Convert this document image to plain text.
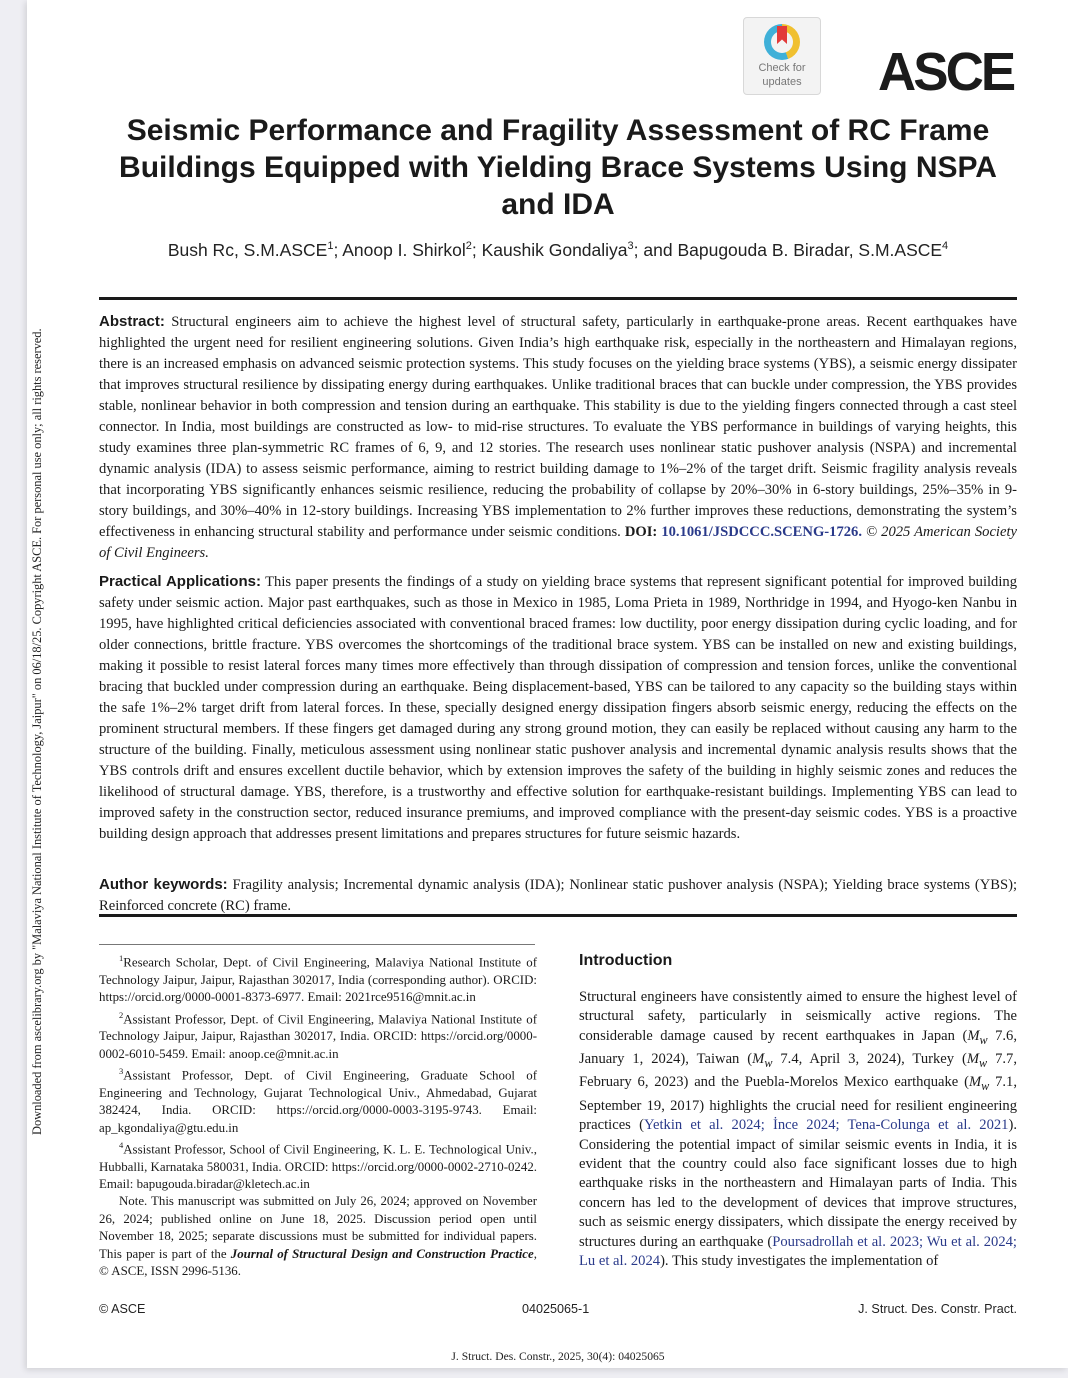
Downloaded from ascelibrary.org by "Malaviya National Institute of Technology, Jaipur" on 06/18/25. Copyright ASCE. For personal use only; all rights reserved.
Check for
updates	ASCE
Seismic Performance and Fragility Assessment of RC Frame Buildings Equipped with Yielding Brace Systems Using NSPA and IDA
Bush Rc, S.M.ASCE$^1$; Anoop I. Shirkol$^2$; Kaushik Gondaliya$^3$; and Bapugouda B. Biradar, S.M.ASCE$^4$
Abstract: Structural engineers aim to achieve the highest level of structural safety, particularly in earthquake-prone areas. Recent earthquakes have highlighted the urgent need for resilient engineering solutions. Given India’s high earthquake risk, especially in the northeastern and Himalayan regions, there is an increased emphasis on advanced seismic protection systems. This study focuses on the yielding brace systems (YBS), a seismic energy dissipater that improves structural resilience by dissipating energy during earthquakes. Unlike traditional braces that can buckle under compression, the YBS provides stable, nonlinear behavior in both compression and tension during an earthquake. This stability is due to the yielding fingers connected through a cast steel connector. In India, most buildings are constructed as low- to mid-rise structures. To evaluate the YBS performance in buildings of varying heights, this study examines three plan-symmetric RC frames of 6, 9, and 12 stories. The research uses nonlinear static pushover analysis (NSPA) and incremental dynamic analysis (IDA) to assess seismic performance, aiming to restrict building damage to 1%–2% of the target drift. Seismic fragility analysis reveals that incorporating YBS significantly enhances seismic resilience, reducing the probability of collapse by 20%–30% in 6-story buildings, 25%–35% in 9-story buildings, and 30%–40% in 12-story buildings. Increasing YBS implementation to 2% further improves these reductions, demonstrating the system’s effectiveness in enhancing structural stability and performance under seismic conditions. DOI: 10.1061/JSDCCC.SCENG-1726. © 2025 American Society of Civil Engineers.
Practical Applications: This paper presents the findings of a study on yielding brace systems that represent significant potential for improved building safety under seismic action. Major past earthquakes, such as those in Mexico in 1985, Loma Prieta in 1989, Northridge in 1994, and Hyogo-ken Nanbu in 1995, have highlighted critical deficiencies associated with conventional braced frames: low ductility, poor energy dissipation during cyclic loading, and for older connections, brittle fracture. YBS overcomes the shortcomings of the traditional brace system. YBS can be installed on new and existing buildings, making it possible to resist lateral forces many times more effectively than through dissipation of compression and tension forces, unlike the conventional bracing that buckled under compression during an earthquake. Being displacement-based, YBS can be tailored to any capacity so the building stays within the safe 1%–2% target drift from lateral forces. In these, specially designed energy dissipation fingers absorb seismic energy, reducing the effects on the prominent structural members. If these fingers get damaged during any strong ground motion, they can easily be replaced without causing any harm to the structure of the building. Finally, meticulous assessment using nonlinear static pushover analysis and incremental dynamic analysis results shows that the YBS controls drift and ensures excellent ductile behavior, which by extension improves the safety of the building in highly seismic zones and reduces the likelihood of structural damage. YBS, therefore, is a trustworthy and effective solution for earthquake-resistant buildings. Implementing YBS can lead to improved safety in the construction sector, reduced insurance premiums, and improved compliance with the present-day seismic codes. YBS is a proactive building design approach that addresses present limitations and prepares structures for future seismic hazards.
Author keywords: Fragility analysis; Incremental dynamic analysis (IDA); Nonlinear static pushover analysis (NSPA); Yielding brace systems (YBS); Reinforced concrete (RC) frame.

$^1$Research Scholar, Dept. of Civil Engineering, Malaviya National Institute of Technology Jaipur, Jaipur, Rajasthan 302017, India (corresponding author). ORCID: https://orcid.org/0000-0001-8373-6977. Email: 2021rce9516@mnit.ac.in

$^2$Assistant Professor, Dept. of Civil Engineering, Malaviya National Institute of Technology Jaipur, Jaipur, Rajasthan 302017, India. ORCID: https://orcid.org/0000-0002-6010-5459. Email: anoop.ce@mnit.ac.in

$^3$Assistant Professor, Dept. of Civil Engineering, Graduate School of Engineering and Technology, Gujarat Technological Univ., Ahmedabad, Gujarat 382424, India. ORCID: https://orcid.org/0000-0003-3195-9743. Email: ap_kgondaliya@gtu.edu.in

$^4$Assistant Professor, School of Civil Engineering, K. L. E. Technological Univ., Hubballi, Karnataka 580031, India. ORCID: https://orcid.org/0000-0002-2710-0242. Email: bapugouda.biradar@kletech.ac.in

Note. This manuscript was submitted on July 26, 2024; approved on November 26, 2024; published online on June 18, 2025. Discussion period open until November 18, 2025; separate discussions must be submitted for individual papers. This paper is part of the Journal of Structural Design and Construction Practice, © ASCE, ISSN 2996-5136.

Introduction
Structural engineers have consistently aimed to ensure the highest level of structural safety, particularly in seismically active regions. The considerable damage caused by recent earthquakes in Japan ($M_w$ 7.6, January 1, 2024), Taiwan ($M_w$ 7.4, April 3, 2024), Turkey ($M_w$ 7.7, February 6, 2023) and the Puebla-Morelos Mexico earthquake ($M_w$ 7.1, September 19, 2017) highlights the crucial need for resilient engineering practices (Yetkin et al. 2024; İnce 2024; Tena-Colunga et al. 2021). Considering the potential impact of similar seismic events in India, it is evident that the country could also face significant losses due to high earthquake risks in the northeastern and Himalayan parts of India. This concern has led to the development of devices that improve structures, such as seismic energy dissipaters, which dissipate the energy received by structures during an earthquake (Poursadrollah et al. 2023; Wu et al. 2024; Lu et al. 2024). This study investigates the implementation of
© ASCE	04025065-1	J. Struct. Des. Constr. Pract.
J. Struct. Des. Constr., 2025, 30(4): 04025065
